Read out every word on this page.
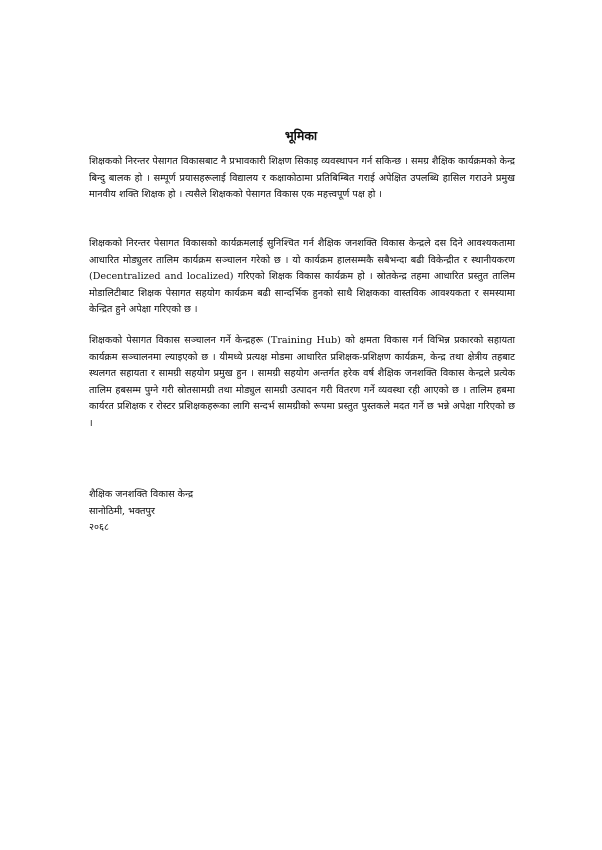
भूमिका

शिक्षकको निरन्तर पेसागत विकासबाट नै प्रभावकारी शिक्षण सिकाइ व्यवस्थापन गर्न सकिन्छ । समग्र शैक्षिक कार्यक्रमको केन्द्र बिन्दु बालक हो । सम्पूर्ण प्रयासहरूलाई विद्यालय र कक्षाकोठामा प्रतिबिम्बित गराई अपेक्षित उपलब्धि हासिल गराउने प्रमुख मानवीय शक्ति शिक्षक हो । त्यसैले शिक्षकको पेसागत विकास एक महत्त्वपूर्ण पक्ष हो ।

शिक्षकको निरन्तर पेसागत विकासको कार्यक्रमलाई सुनिश्चित गर्न शैक्षिक जनशक्ति विकास केन्द्रले दस दिने आवश्यकतामा आधारित मोड्युलर तालिम कार्यक्रम सञ्चालन गरेको छ । यो कार्यक्रम हालसम्मकै सबैभन्दा बढी विकेन्द्रीत र स्थानीयकरण (Decentralized and localized) गरिएको शिक्षक विकास कार्यक्रम हो । स्रोतकेन्द्र तहमा आधारित प्रस्तुत तालिम मोडालिटीबाट शिक्षक पेसागत सहयोग कार्यक्रम बढी सान्दर्भिक हुनको साथै शिक्षकका वास्तविक आवश्यकता र समस्यामा केन्द्रित हुने अपेक्षा गरिएको छ ।

शिक्षकको पेसागत विकास सञ्चालन गर्ने केन्द्रहरू (Training Hub) को क्षमता विकास गर्न विभिन्न प्रकारको सहायता कार्यक्रम सञ्चालनमा ल्याइएको छ । यीमध्ये प्रत्यक्ष मोडमा आधारित प्रशिक्षक-प्रशिक्षण कार्यक्रम, केन्द्र तथा क्षेत्रीय तहबाट स्थलगत सहायता र सामग्री सहयोग प्रमुख हुन । सामग्री सहयोग अन्तर्गत हरेक वर्ष शैक्षिक जनशक्ति विकास केन्द्रले प्रत्येक तालिम हबसम्म पुग्ने गरी स्रोतसामग्री तथा मोड्युल सामग्री उत्पादन गरी वितरण गर्ने व्यवस्था रही आएको छ । तालिम हबमा कार्यरत प्रशिक्षक र रोस्टर प्रशिक्षकहरूका लागि सन्दर्भ सामग्रीको रूपमा प्रस्तुत पुस्तकले मदत गर्ने छ भन्ने अपेक्षा गरिएको छ ।

शैक्षिक जनशक्ति विकास केन्द्र
सानोठिमी, भक्तपुर
२०६८
